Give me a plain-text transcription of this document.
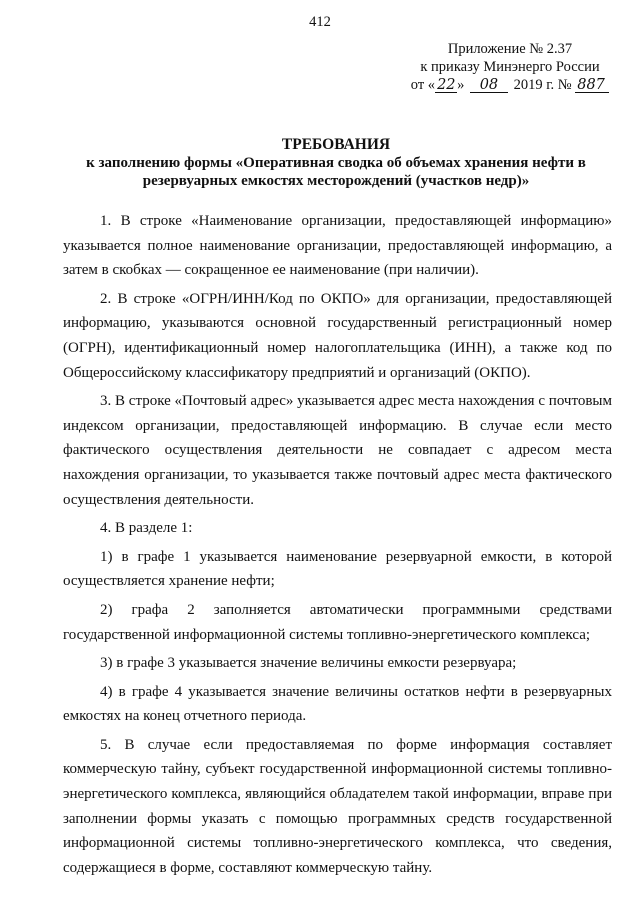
412
Приложение № 2.37
к приказу Минэнерго России
от « 22 » 08 2019 г. № 887
ТРЕБОВАНИЯ
к заполнению формы «Оперативная сводка об объемах хранения нефти в
резервуарных емкостях месторождений (участков недр)»

1. В строке «Наименование организации, предоставляющей информацию» указывается полное наименование организации, предоставляющей информацию, а затем в скобках — сокращенное ее наименование (при наличии).

2. В строке «ОГРН/ИНН/Код по ОКПО» для организации, предоставляющей информацию, указываются основной государственный регистрационный номер (ОГРН), идентификационный номер налогоплательщика (ИНН), а также код по Общероссийскому классификатору предприятий и организаций (ОКПО).

3. В строке «Почтовый адрес» указывается адрес места нахождения с почтовым индексом организации, предоставляющей информацию. В случае если место фактического осуществления деятельности не совпадает с адресом места нахождения организации, то указывается также почтовый адрес места фактического осуществления деятельности.

4. В разделе 1:

1) в графе 1 указывается наименование резервуарной емкости, в которой осуществляется хранение нефти;

2) графа 2 заполняется автоматически программными средствами государственной информационной системы топливно-энергетического комплекса;

3) в графе 3 указывается значение величины емкости резервуара;

4) в графе 4 указывается значение величины остатков нефти в резервуарных емкостях на конец отчетного периода.

5. В случае если предоставляемая по форме информация составляет коммерческую тайну, субъект государственной информационной системы топливно-энергетического комплекса, являющийся обладателем такой информации, вправе при заполнении формы указать с помощью программных средств государственной информационной системы топливно-энергетического комплекса, что сведения, содержащиеся в форме, составляют коммерческую тайну.
